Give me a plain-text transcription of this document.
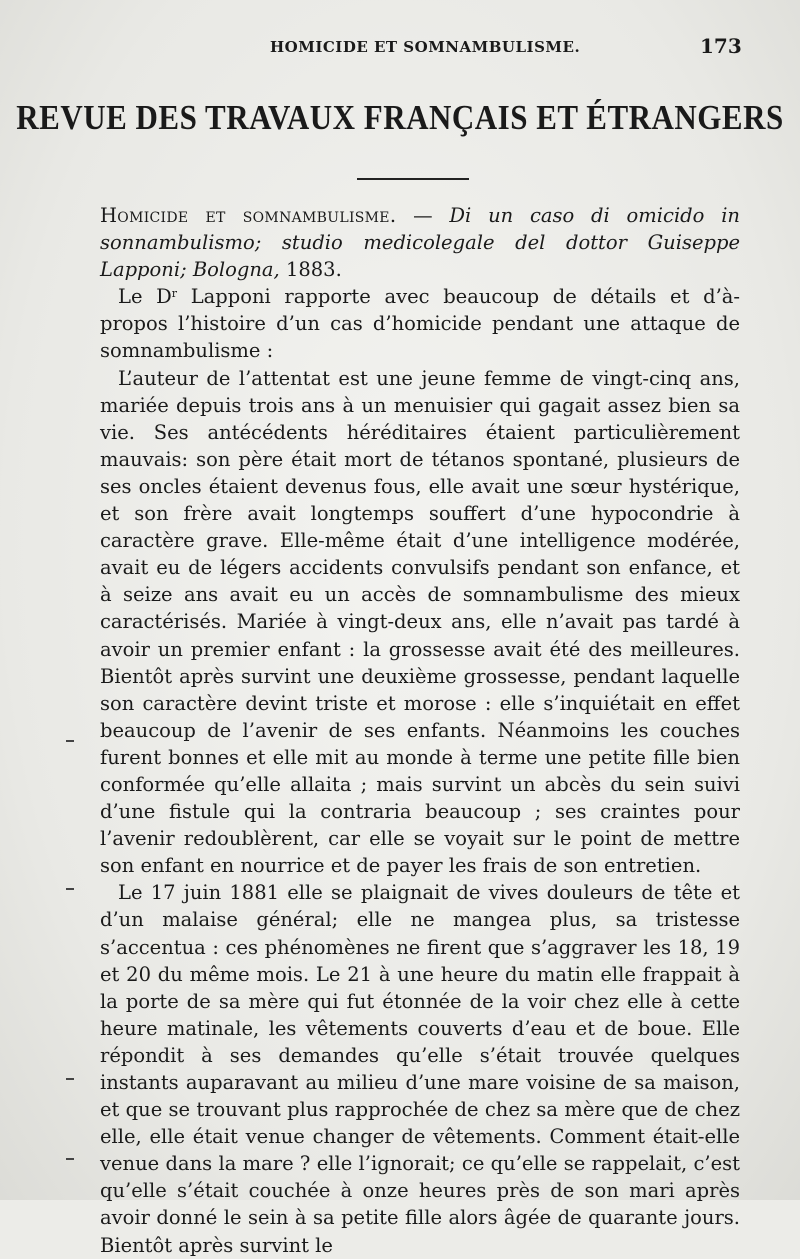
HOMICIDE ET SOMNAMBULISME.	173
REVUE DES TRAVAUX FRANÇAIS ET ÉTRANGERS

Homicide et somnambulisme. — Di un caso di omicido in sonnambulismo; studio medicolegale del dottor Guiseppe Lapponi; Bologna, 1883.

Le $D^r$ Lapponi rapporte avec beaucoup de détails et d’à-propos l’histoire d’un cas d’homicide pendant une attaque de somnambulisme :

L’auteur de l’attentat est une jeune femme de vingt-cinq ans, mariée depuis trois ans à un menuisier qui gagait assez bien sa vie. Ses antécédents héréditaires étaient particulièrement mauvais: son père était mort de tétanos spontané, plusieurs de ses oncles étaient devenus fous, elle avait une sœur hystérique, et son frère avait longtemps souffert d’une hypocondrie à caractère grave. Elle-même était d’une intelligence modérée, avait eu de légers accidents convulsifs pendant son enfance, et à seize ans avait eu un accès de somnambulisme des mieux caractérisés. Mariée à vingt-deux ans, elle n’avait pas tardé à avoir un premier enfant : la grossesse avait été des meilleures. Bientôt après survint une deuxième grossesse, pendant laquelle son caractère devint triste et morose : elle s’inquiétait en effet beaucoup de l’avenir de ses enfants. Néanmoins les couches furent bonnes et elle mit au monde à terme une petite fille bien conformée qu’elle allaita ; mais survint un abcès du sein suivi d’une fistule qui la contraria beaucoup ; ses craintes pour l’avenir redoublèrent, car elle se voyait sur le point de mettre son enfant en nourrice et de payer les frais de son entretien.

Le 17 juin 1881 elle se plaignait de vives douleurs de tête et d’un malaise général; elle ne mangea plus, sa tristesse s’accentua : ces phénomènes ne firent que s’aggraver les 18, 19 et 20 du même mois. Le 21 à une heure du matin elle frappait à la porte de sa mère qui fut étonnée de la voir chez elle à cette heure matinale, les vêtements couverts d’eau et de boue. Elle répondit à ses demandes qu’elle s’était trouvée quelques instants auparavant au milieu d’une mare voisine de sa maison, et que se trouvant plus rapprochée de chez sa mère que de chez elle, elle était venue changer de vêtements. Comment était-elle venue dans la mare ? elle l’ignorait; ce qu’elle se rappelait, c’est qu’elle s’était couchée à onze heures près de son mari après avoir donné le sein à sa petite fille alors âgée de quarante jours. Bientôt après survint le
